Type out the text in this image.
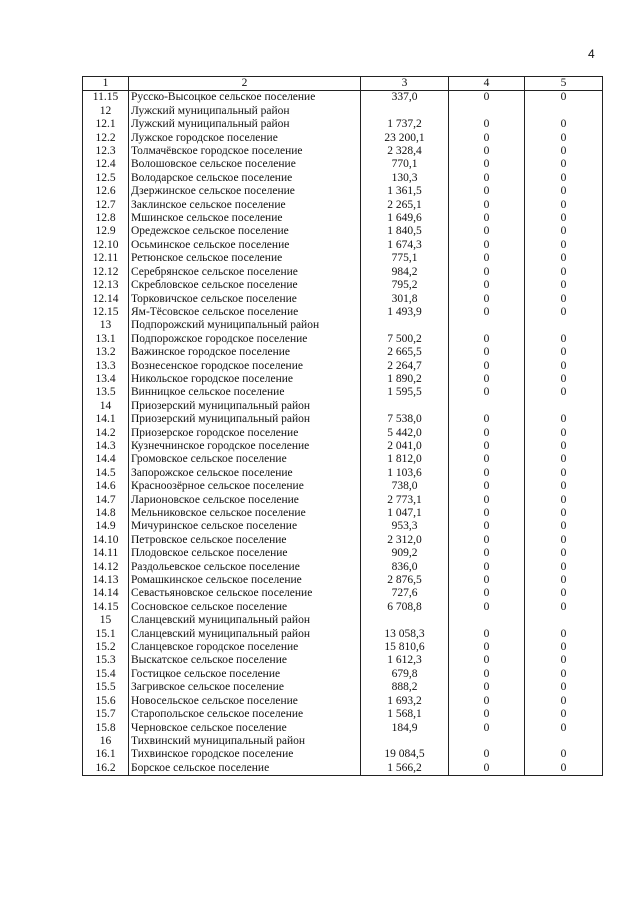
4
1	2	3	4	5
11.15	Русско-Высоцкое сельское поселение	337,0	0	0
12	Лужский муниципальный район			
12.1	Лужский муниципальный район	1 737,2	0	0
12.2	Лужское городское поселение	23 200,1	0	0
12.3	Толмачёвское городское поселение	2 328,4	0	0
12.4	Волошовское сельское поселение	770,1	0	0
12.5	Володарское сельское поселение	130,3	0	0
12.6	Дзержинское сельское поселение	1 361,5	0	0
12.7	Заклинское сельское поселение	2 265,1	0	0
12.8	Мшинское сельское поселение	1 649,6	0	0
12.9	Оредежское сельское поселение	1 840,5	0	0
12.10	Осьминское сельское поселение	1 674,3	0	0
12.11	Ретюнское сельское поселение	775,1	0	0
12.12	Серебрянское сельское поселение	984,2	0	0
12.13	Скребловское сельское поселение	795,2	0	0
12.14	Торковичское сельское поселение	301,8	0	0
12.15	Ям-Тёсовское сельское поселение	1 493,9	0	0
13	Подпорожский муниципальный район			
13.1	Подпорожское городское поселение	7 500,2	0	0
13.2	Важинское городское поселение	2 665,5	0	0
13.3	Вознесенское городское поселение	2 264,7	0	0
13.4	Никольское городское поселение	1 890,2	0	0
13.5	Винницкое сельское поселение	1 595,5	0	0
14	Приозерский муниципальный район			
14.1	Приозерский муниципальный район	7 538,0	0	0
14.2	Приозерское городское поселение	5 442,0	0	0
14.3	Кузнечнинское городское поселение	2 041,0	0	0
14.4	Громовское сельское поселение	1 812,0	0	0
14.5	Запорожское сельское поселение	1 103,6	0	0
14.6	Красноозёрное сельское поселение	738,0	0	0
14.7	Ларионовское сельское поселение	2 773,1	0	0
14.8	Мельниковское сельское поселение	1 047,1	0	0
14.9	Мичуринское сельское поселение	953,3	0	0
14.10	Петровское сельское поселение	2 312,0	0	0
14.11	Плодовское сельское поселение	909,2	0	0
14.12	Раздольевское сельское поселение	836,0	0	0
14.13	Ромашкинское сельское поселение	2 876,5	0	0
14.14	Севастьяновское сельское поселение	727,6	0	0
14.15	Сосновское сельское поселение	6 708,8	0	0
15	Сланцевский муниципальный район			
15.1	Сланцевский муниципальный район	13 058,3	0	0
15.2	Сланцевское городское поселение	15 810,6	0	0
15.3	Выскатское сельское поселение	1 612,3	0	0
15.4	Гостицкое сельское поселение	679,8	0	0
15.5	Загривское сельское поселение	888,2	0	0
15.6	Новосельское сельское поселение	1 693,2	0	0
15.7	Старопольское сельское поселение	1 568,1	0	0
15.8	Черновское сельское поселение	184,9	0	0
16	Тихвинский муниципальный район			
16.1	Тихвинское городское поселение	19 084,5	0	0
16.2	Борское сельское поселение	1 566,2	0	0
